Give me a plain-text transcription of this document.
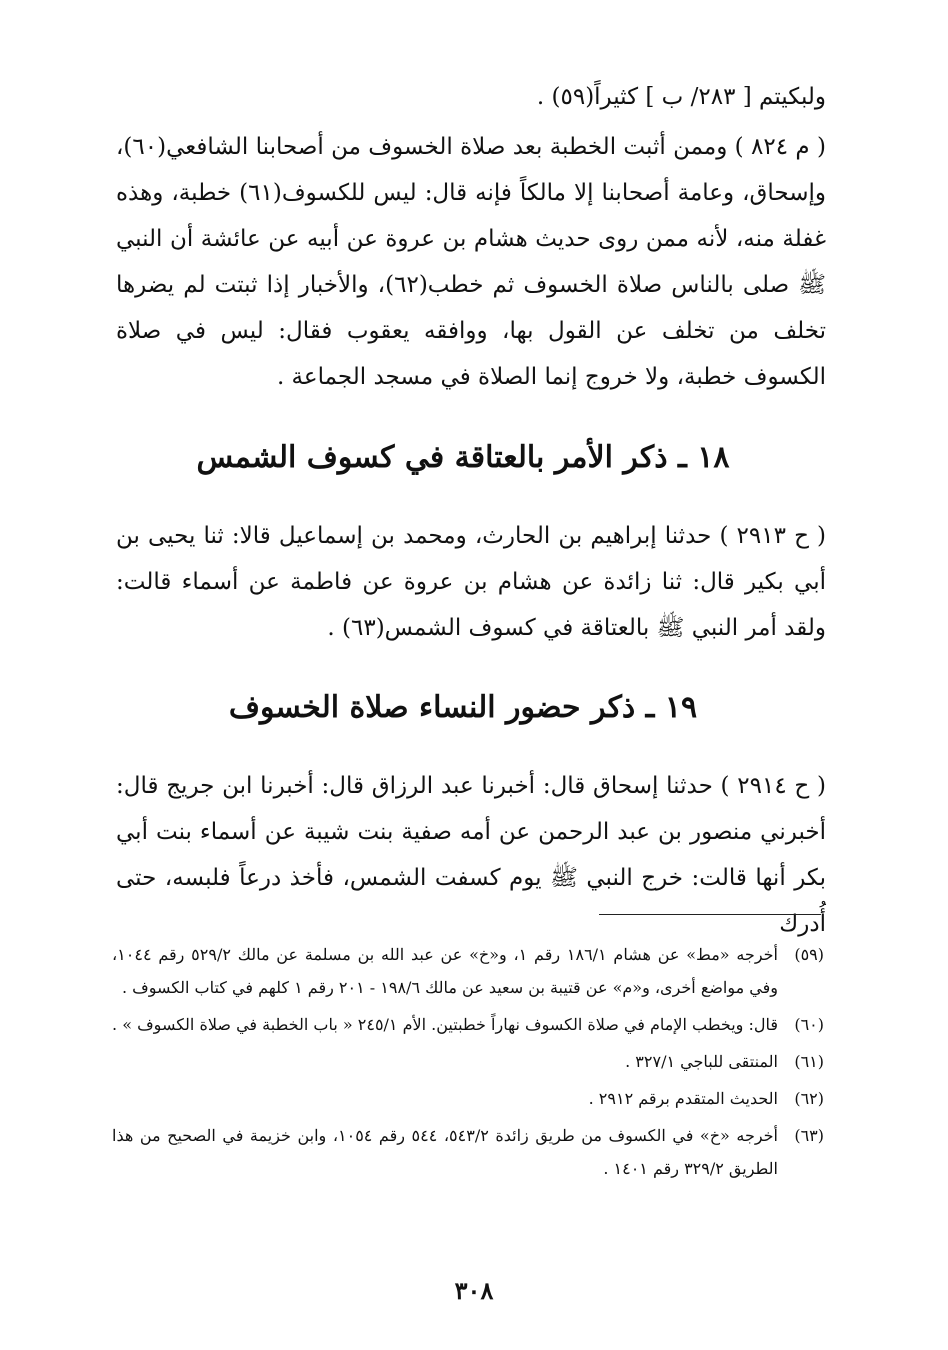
ولبكيتم [ ٢٨٣/ ب ] كثيراً(٥٩) .
( م ٨٢٤ ) وممن أثبت الخطبة بعد صلاة الخسوف من أصحابنا الشافعي(٦٠)، وإسحاق، وعامة أصحابنا إلا مالكاً فإنه قال: ليس للكسوف(٦١) خطبة، وهذه غفلة منه، لأنه ممن روى حديث هشام بن عروة عن أبيه عن عائشة أن النبي ﷺ صلى بالناس صلاة الخسوف ثم خطب(٦٢)، والأخبار إذا ثبتت لم يضرها تخلف من تخلف عن القول بها، ووافقه يعقوب فقال: ليس في صلاة الكسوف خطبة، ولا خروج إنما الصلاة في مسجد الجماعة .
١٨ ـ ذكر الأمر بالعتاقة في كسوف الشمس
( ح ٢٩١٣ ) حدثنا إبراهيم بن الحارث، ومحمد بن إسماعيل قالا: ثنا يحيى بن أبي بكير قال: ثنا زائدة عن هشام بن عروة عن فاطمة عن أسماء قالت: ولقد أمر النبي ﷺ بالعتاقة في كسوف الشمس(٦٣) .
١٩ ـ ذكر حضور النساء صلاة الخسوف
( ح ٢٩١٤ ) حدثنا إسحاق قال: أخبرنا عبد الرزاق قال: أخبرنا ابن جريج قال: أخبرني منصور بن عبد الرحمن عن أمه صفية بنت شيبة عن أسماء بنت أبي بكر أنها قالت: خرج النبي ﷺ يوم كسفت الشمس، فأخذ درعاً فلبسه، حتى أُدرك
(٥٩)
أخرجه «مط» عن هشام ١٨٦/١ رقم ١، و«خ» عن عبد الله بن مسلمة عن مالك ٥٢٩/٢ رقم ١٠٤٤، وفي مواضع أخرى، و«م» عن قتيبة بن سعيد عن مالك ١٩٨/٦ - ٢٠١ رقم ١ كلهم في كتاب الكسوف .
(٦٠)
قال: ويخطب الإمام في صلاة الكسوف نهاراً خطبتين. الأم ٢٤٥/١ « باب الخطبة في صلاة الكسوف » .
(٦١)
المنتقى للباجي ٣٢٧/١ .
(٦٢)
الحديث المتقدم برقم ٢٩١٢ .
(٦٣)
أخرجه «خ» في الكسوف من طريق زائدة ٥٤٣/٢، ٥٤٤ رقم ١٠٥٤، وابن خزيمة في الصحيح من هذا الطريق ٣٢٩/٢ رقم ١٤٠١ .
٣٠٨
